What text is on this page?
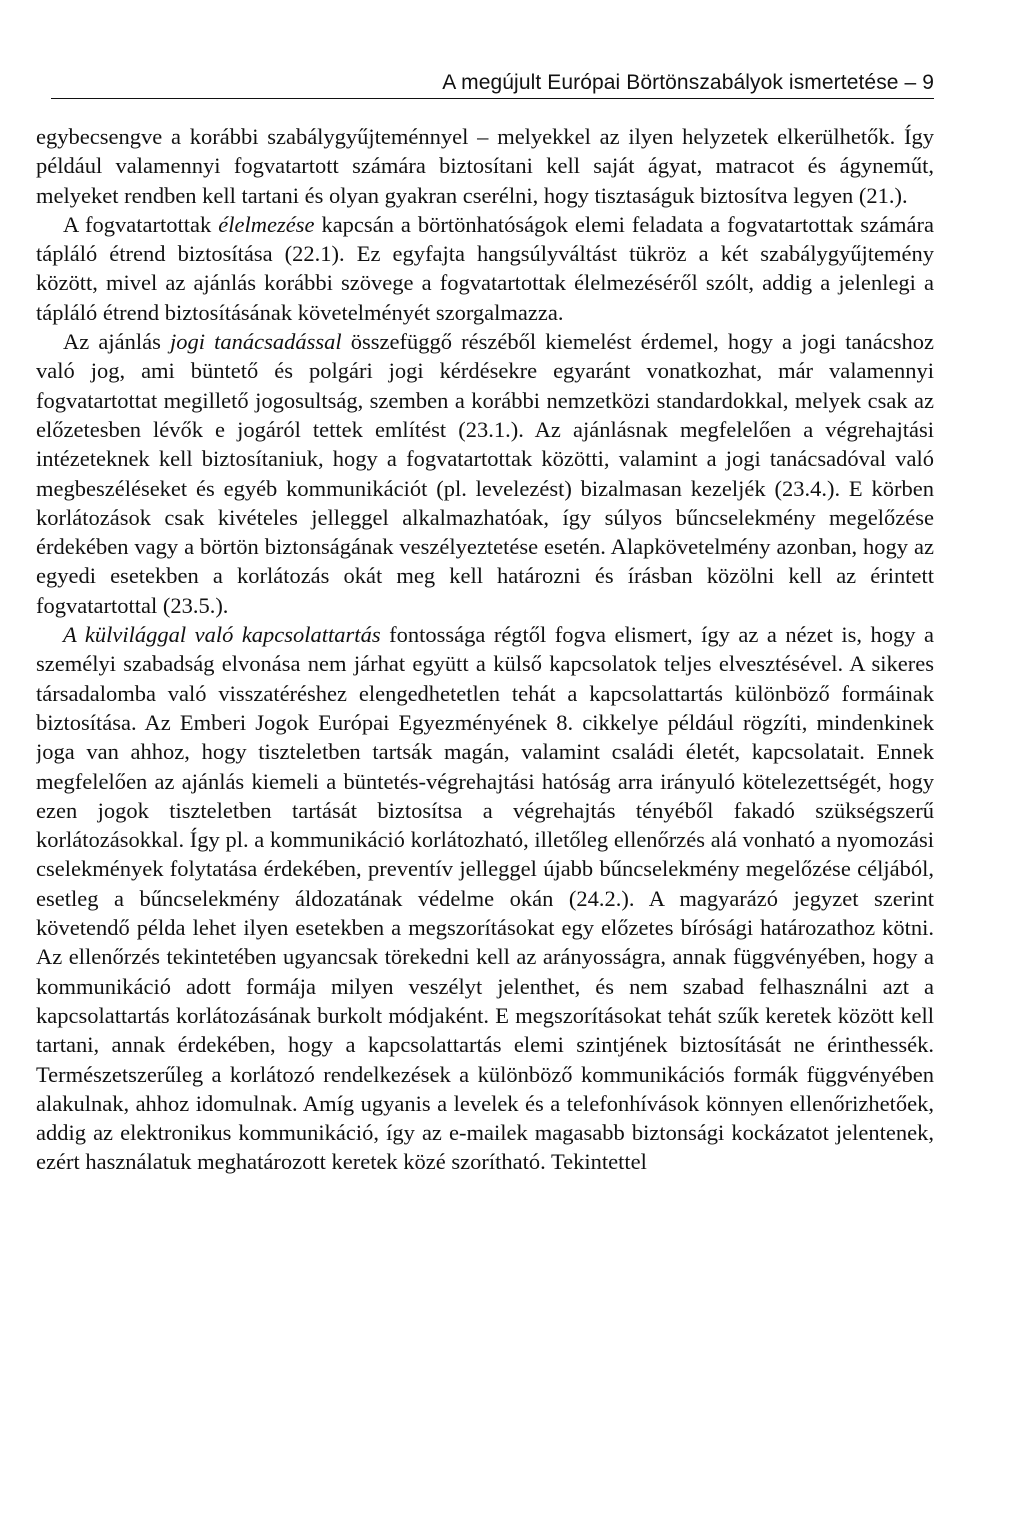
A megújult Európai Börtönszabályok ismertetése – 9

egybecsengve a korábbi szabálygyűjteménnyel – melyekkel az ilyen helyzetek elkerülhetők. Így például valamennyi fogvatartott számára biztosítani kell saját ágyat, matracot és ágyneműt, melyeket rendben kell tartani és olyan gyakran cserélni, hogy tisztaságuk biztosítva legyen (21.).

A fogvatartottak élelmezése kapcsán a börtönhatóságok elemi feladata a fogvatartottak számára tápláló étrend biztosítása (22.1). Ez egyfajta hangsúlyváltást tükröz a két szabálygyűjtemény között, mivel az ajánlás korábbi szövege a fogvatartottak élelmezéséről szólt, addig a jelenlegi a tápláló étrend biztosításának követelményét szorgalmazza.

Az ajánlás jogi tanácsadással összefüggő részéből kiemelést érdemel, hogy a jogi tanácshoz való jog, ami büntető és polgári jogi kérdésekre egyaránt vonatkozhat, már valamennyi fogvatartottat megillető jogosultság, szemben a korábbi nemzetközi standardokkal, melyek csak az előzetesben lévők e jogáról tettek említést (23.1.). Az ajánlásnak megfelelően a végrehajtási intézeteknek kell biztosítaniuk, hogy a fogvatartottak közötti, valamint a jogi tanácsadóval való megbeszéléseket és egyéb kommunikációt (pl. levelezést) bizalmasan kezeljék (23.4.). E körben korlátozások csak kivételes jelleggel alkalmazhatóak, így súlyos bűncselekmény megelőzése érdekében vagy a börtön biztonságának veszélyeztetése esetén. Alapkövetelmény azonban, hogy az egyedi esetekben a korlátozás okát meg kell határozni és írásban közölni kell az érintett fogvatartottal (23.5.).

A külvilággal való kapcsolattartás fontossága régtől fogva elismert, így az a nézet is, hogy a személyi szabadság elvonása nem járhat együtt a külső kapcsolatok teljes elvesztésével. A sikeres társadalomba való visszatéréshez elengedhetetlen tehát a kapcsolattartás különböző formáinak biztosítása. Az Emberi Jogok Európai Egyezményének 8. cikkelye például rögzíti, mindenkinek joga van ahhoz, hogy tiszteletben tartsák magán, valamint családi életét, kapcsolatait. Ennek megfelelően az ajánlás kiemeli a büntetés-végrehajtási hatóság arra irányuló kötelezettségét, hogy ezen jogok tiszteletben tartását biztosítsa a végrehajtás tényéből fakadó szükségszerű korlátozásokkal. Így pl. a kommunikáció korlátozható, illetőleg ellenőrzés alá vonható a nyomozási cselekmények folytatása érdekében, preventív jelleggel újabb bűncselekmény megelőzése céljából, esetleg a bűncselekmény áldozatának védelme okán (24.2.). A magyarázó jegyzet szerint követendő példa lehet ilyen esetekben a megszorításokat egy előzetes bírósági határozathoz kötni. Az ellenőrzés tekintetében ugyancsak törekedni kell az arányosságra, annak függvényében, hogy a kommunikáció adott formája milyen veszélyt jelenthet, és nem szabad felhasználni azt a kapcsolattartás korlátozásának burkolt módjaként. E megszorításokat tehát szűk keretek között kell tartani, annak érdekében, hogy a kapcsolattartás elemi szintjének biztosítását ne érinthessék. Természetszerűleg a korlátozó rendelkezések a különböző kommunikációs formák függvényében alakulnak, ahhoz idomulnak. Amíg ugyanis a levelek és a telefonhívások könnyen ellenőrizhetőek, addig az elektronikus kommunikáció, így az e-mailek magasabb biztonsági kockázatot jelentenek, ezért használatuk meghatározott keretek közé szorítható. Tekintettel
